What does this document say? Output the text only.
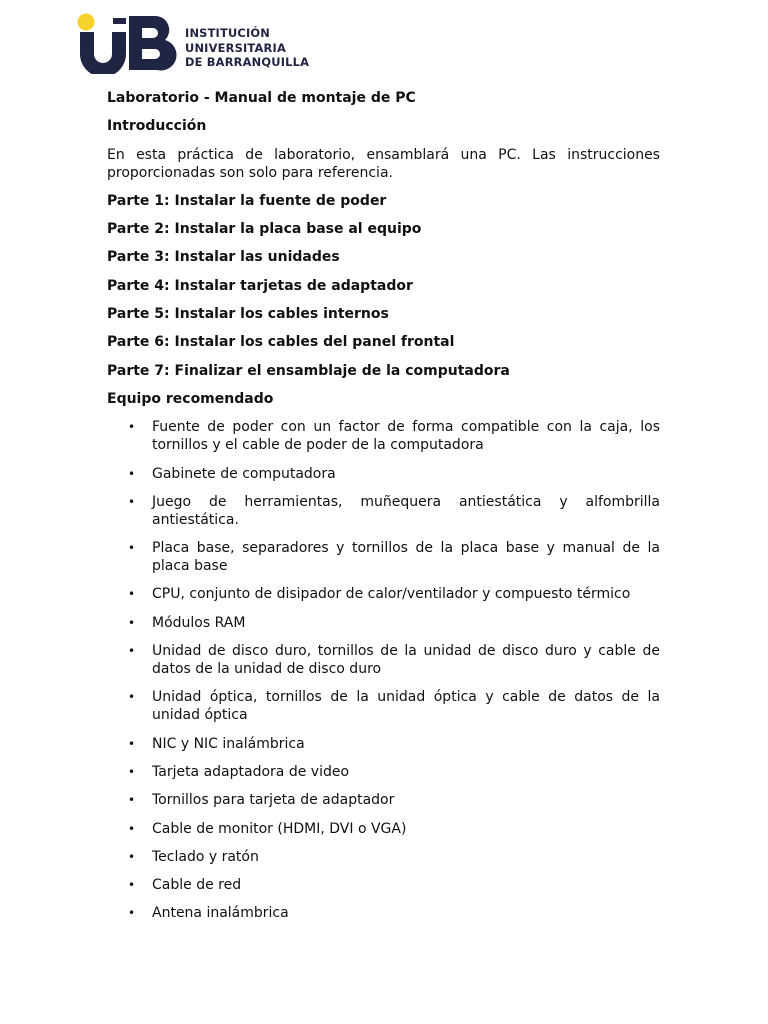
INSTITUCIÓN
UNIVERSITARIA
DE BARRANQUILLA
Laboratorio - Manual de montaje de PC
Introducción
En esta práctica de laboratorio, ensamblará una PC. Las instrucciones proporcionadas son solo para referencia.
Parte 1: Instalar la fuente de poder
Parte 2: Instalar la placa base al equipo
Parte 3: Instalar las unidades
Parte 4: Instalar tarjetas de adaptador
Parte 5: Instalar los cables internos
Parte 6: Instalar los cables del panel frontal
Parte 7: Finalizar el ensamblaje de la computadora
Equipo recomendado
• Fuente de poder con un factor de forma compatible con la caja, los tornillos y el cable de poder de la computadora
• Gabinete de computadora
• Juego de herramientas, muñequera antiestática y alfombrilla antiestática.
• Placa base, separadores y tornillos de la placa base y manual de la placa base
• CPU, conjunto de disipador de calor/ventilador y compuesto térmico
• Módulos RAM
• Unidad de disco duro, tornillos de la unidad de disco duro y cable de datos de la unidad de disco duro
• Unidad óptica, tornillos de la unidad óptica y cable de datos de la unidad óptica
• NIC y NIC inalámbrica
• Tarjeta adaptadora de video
• Tornillos para tarjeta de adaptador
• Cable de monitor (HDMI, DVI o VGA)
• Teclado y ratón
• Cable de red
• Antena inalámbrica
